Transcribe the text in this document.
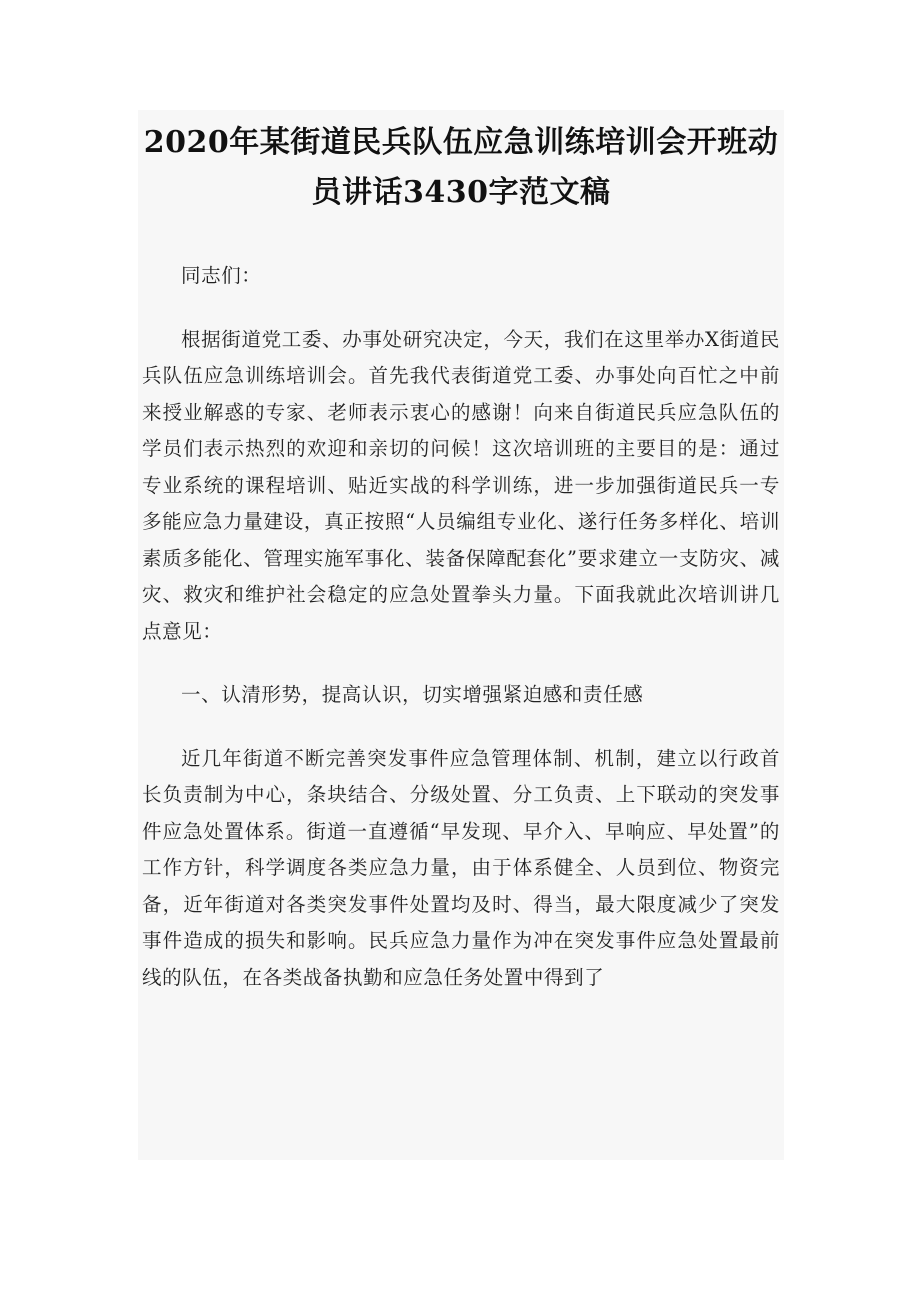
2020年某街道民兵队伍应急训练培训会开班动员讲话3430字范文稿

同志们：

根据街道党工委、办事处研究决定，今天，我们在这里举办X街道民兵队伍应急训练培训会。首先我代表街道党工委、办事处向百忙之中前来授业解惑的专家、老师表示衷心的感谢！向来自街道民兵应急队伍的学员们表示热烈的欢迎和亲切的问候！这次培训班的主要目的是：通过专业系统的课程培训、贴近实战的科学训练，进一步加强街道民兵一专多能应急力量建设，真正按照“人员编组专业化、遂行任务多样化、培训素质多能化、管理实施军事化、装备保障配套化”要求建立一支防灾、减灾、救灾和维护社会稳定的应急处置拳头力量。下面我就此次培训讲几点意见：

一、认清形势，提高认识，切实增强紧迫感和责任感

近几年街道不断完善突发事件应急管理体制、机制，建立以行政首长负责制为中心，条块结合、分级处置、分工负责、上下联动的突发事件应急处置体系。街道一直遵循“早发现、早介入、早响应、早处置”的工作方针，科学调度各类应急力量，由于体系健全、人员到位、物资完备，近年街道对各类突发事件处置均及时、得当，最大限度减少了突发事件造成的损失和影响。民兵应急力量作为冲在突发事件应急处置最前线的队伍，在各类战备执勤和应急任务处置中得到了
